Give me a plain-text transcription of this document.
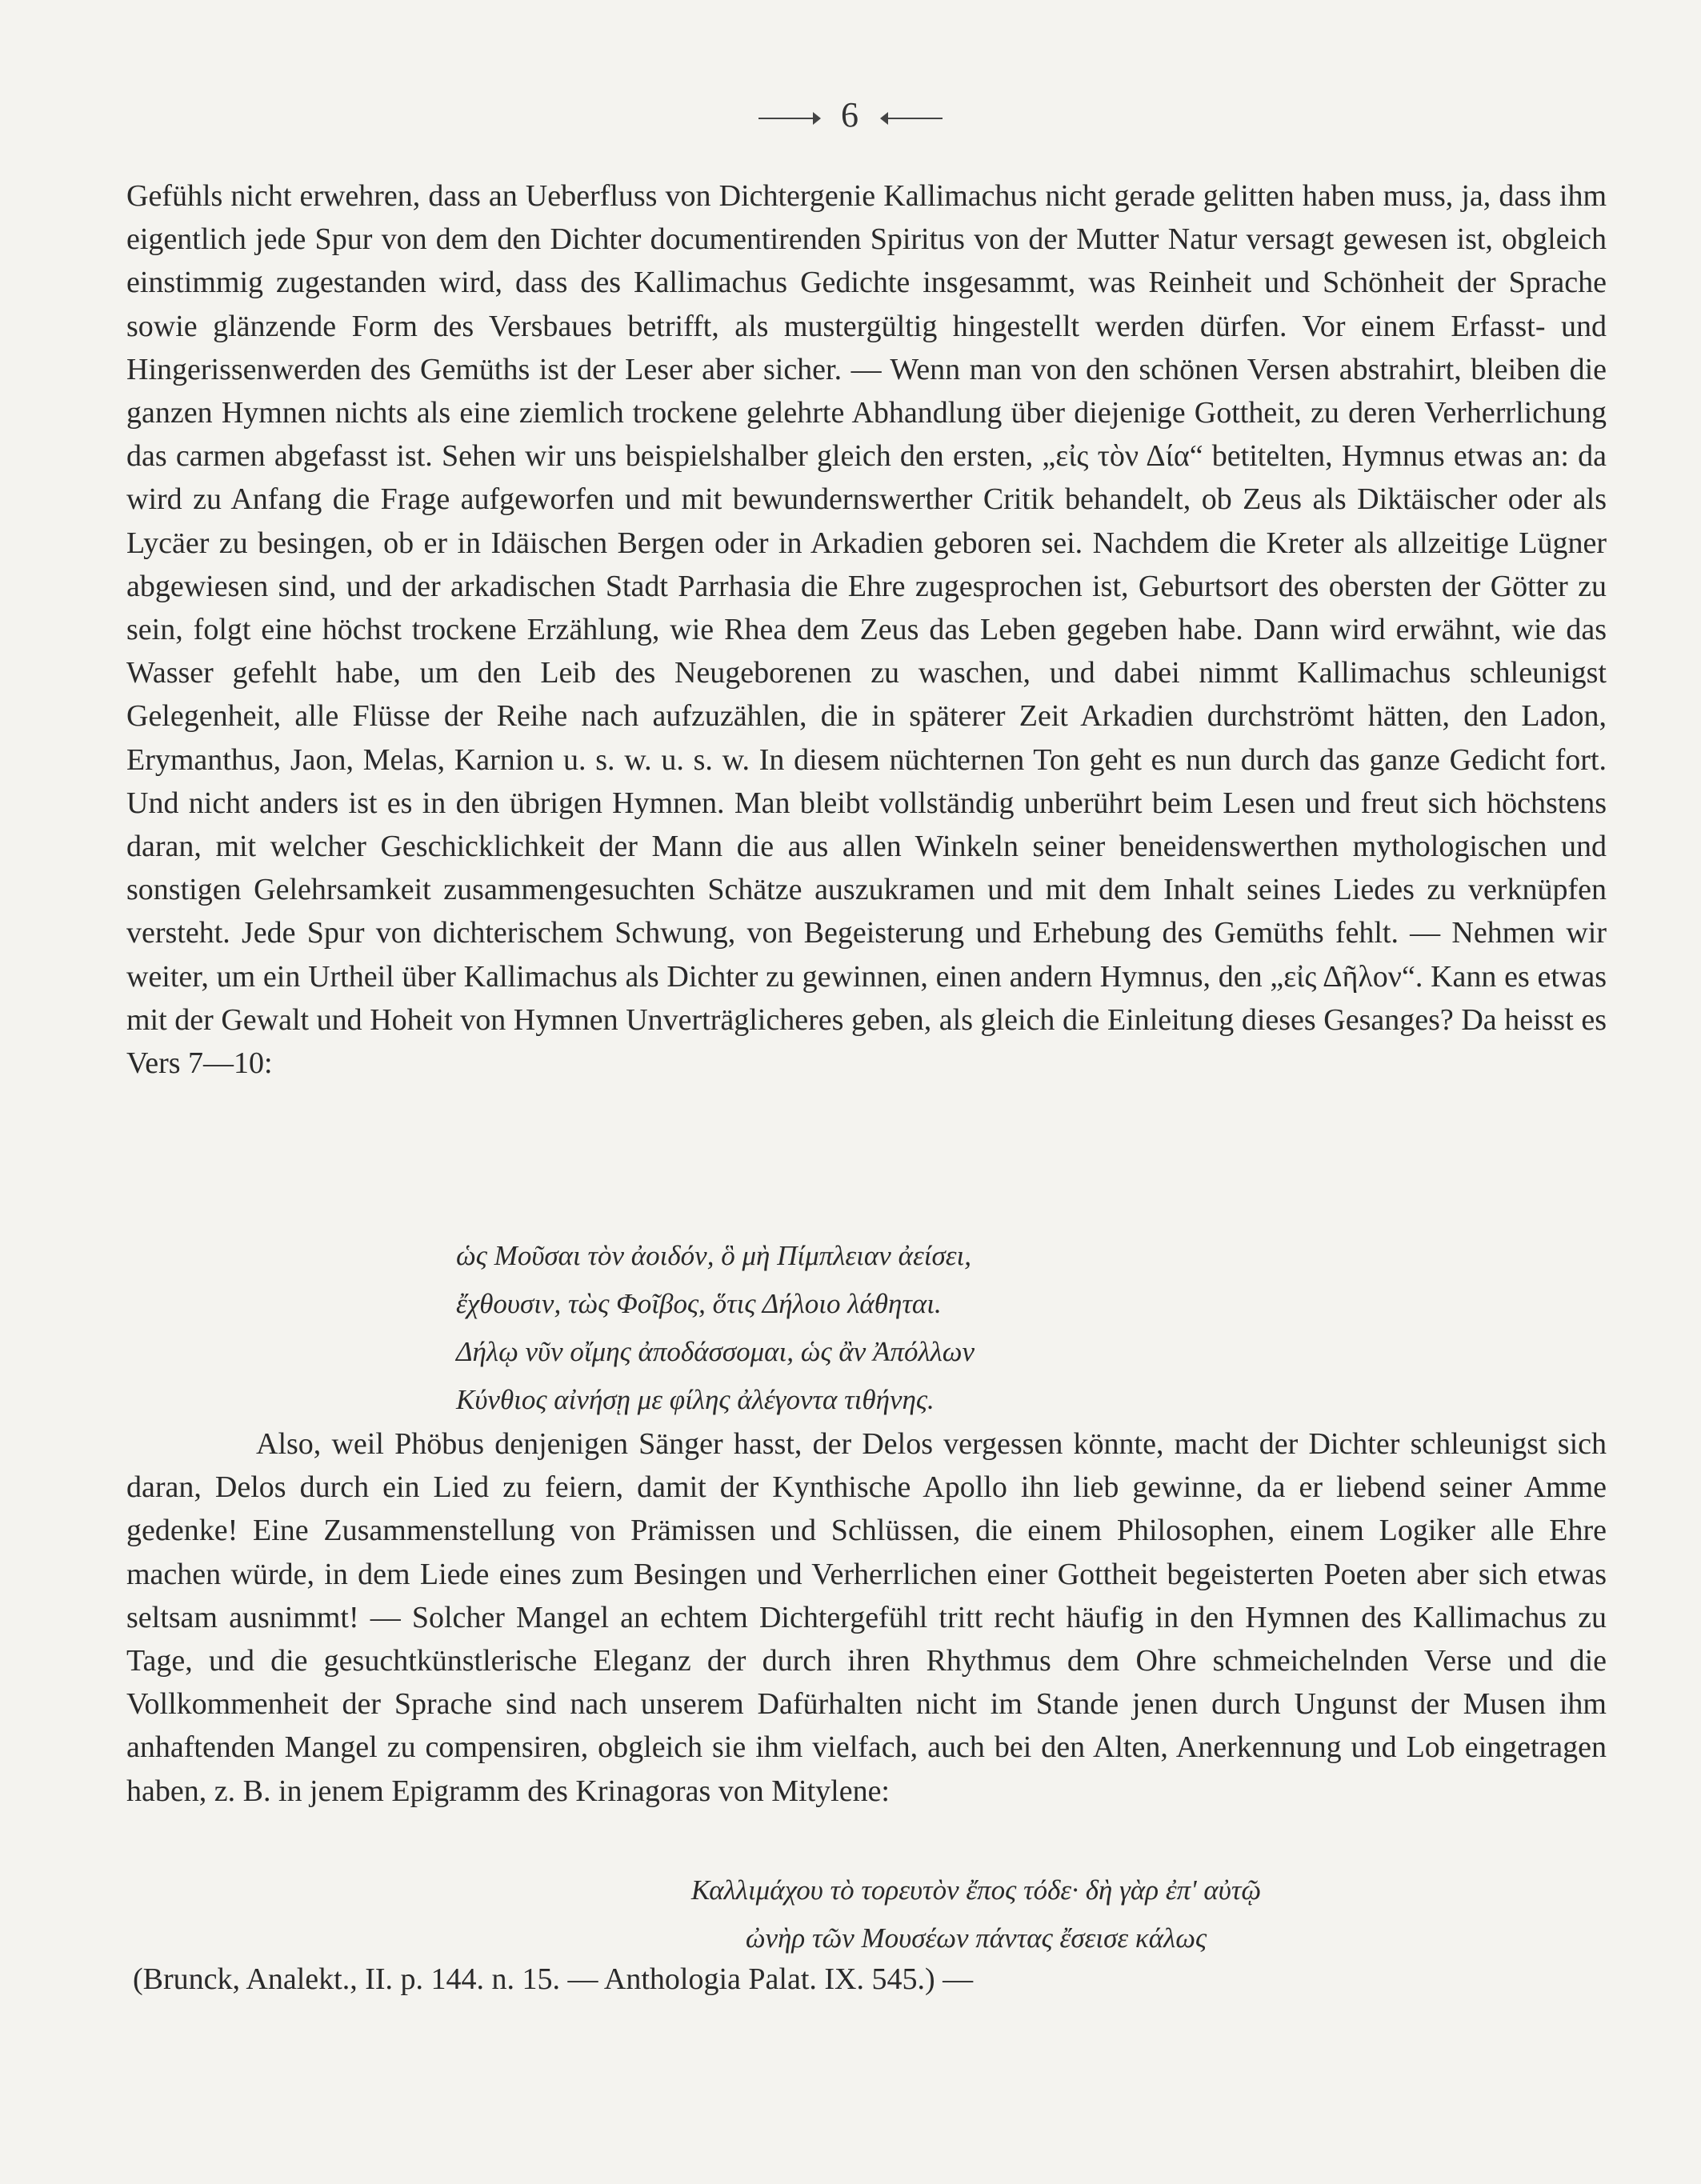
6
Gefühls nicht erwehren, dass an Ueberfluss von Dichtergenie Kallimachus nicht gerade gelitten haben muss, ja, dass ihm eigentlich jede Spur von dem den Dichter documentirenden Spiritus von der Mutter Natur versagt gewesen ist, obgleich einstimmig zugestanden wird, dass des Kallimachus Gedichte insgesammt, was Reinheit und Schönheit der Sprache sowie glänzende Form des Versbaues betrifft, als mustergültig hingestellt werden dürfen. Vor einem Erfasst- und Hingerissenwerden des Gemüths ist der Leser aber sicher. — Wenn man von den schönen Versen abstrahirt, bleiben die ganzen Hymnen nichts als eine ziemlich trockene gelehrte Abhandlung über diejenige Gottheit, zu deren Verherrlichung das carmen abgefasst ist. Sehen wir uns beispielshalber gleich den ersten, „εἰς τὸν Δία“ betitelten, Hymnus etwas an: da wird zu Anfang die Frage aufgeworfen und mit bewundernswerther Critik behandelt, ob Zeus als Diktäischer oder als Lycäer zu besingen, ob er in Idäischen Bergen oder in Arkadien geboren sei. Nachdem die Kreter als allzeitige Lügner abgewiesen sind, und der arkadischen Stadt Parrhasia die Ehre zugesprochen ist, Geburtsort des obersten der Götter zu sein, folgt eine höchst trockene Erzählung, wie Rhea dem Zeus das Leben gegeben habe. Dann wird erwähnt, wie das Wasser gefehlt habe, um den Leib des Neugeborenen zu waschen, und dabei nimmt Kallimachus schleunigst Gelegenheit, alle Flüsse der Reihe nach aufzuzählen, die in späterer Zeit Arkadien durchströmt hätten, den Ladon, Erymanthus, Jaon, Melas, Karnion u. s. w. u. s. w. In diesem nüchternen Ton geht es nun durch das ganze Gedicht fort. Und nicht anders ist es in den übrigen Hymnen. Man bleibt vollständig unberührt beim Lesen und freut sich höchstens daran, mit welcher Geschicklichkeit der Mann die aus allen Winkeln seiner beneidenswerthen mythologischen und sonstigen Gelehrsamkeit zusammengesuchten Schätze auszukramen und mit dem Inhalt seines Liedes zu verknüpfen versteht. Jede Spur von dichterischem Schwung, von Begeisterung und Erhebung des Gemüths fehlt. — Nehmen wir weiter, um ein Urtheil über Kallimachus als Dichter zu gewinnen, einen andern Hymnus, den „εἰς Δῆλον“. Kann es etwas mit der Gewalt und Hoheit von Hymnen Unverträglicheres geben, als gleich die Einleitung dieses Gesanges? Da heisst es Vers 7—10:
ὡς Μοῦσαι τὸν ἀοιδόν, ὃ μὴ Πίμπλειαν ἀείσει,
ἔχθουσιν, τὼς Φοῖβος, ὅτις Δήλοιο λάθηται.
Δήλῳ νῦν οἴμης ἀποδάσσομαι, ὡς ἂν Ἀπόλλων
Κύνθιος αἰνήσῃ με φίλης ἀλέγοντα τιθήνης.
Also, weil Phöbus denjenigen Sänger hasst, der Delos vergessen könnte, macht der Dichter schleunigst sich daran, Delos durch ein Lied zu feiern, damit der Kynthische Apollo ihn lieb gewinne, da er liebend seiner Amme gedenke! Eine Zusammenstellung von Prämissen und Schlüssen, die einem Philosophen, einem Logiker alle Ehre machen würde, in dem Liede eines zum Besingen und Verherrlichen einer Gottheit begeisterten Poeten aber sich etwas seltsam ausnimmt! — Solcher Mangel an echtem Dichtergefühl tritt recht häufig in den Hymnen des Kallimachus zu Tage, und die gesuchtkünstlerische Eleganz der durch ihren Rhythmus dem Ohre schmeichelnden Verse und die Vollkommenheit der Sprache sind nach unserem Dafürhalten nicht im Stande jenen durch Ungunst der Musen ihm anhaftenden Mangel zu compensiren, obgleich sie ihm vielfach, auch bei den Alten, Anerkennung und Lob eingetragen haben, z. B. in jenem Epigramm des Krinagoras von Mitylene:
Καλλιμάχου τὸ τορευτὸν ἔπος τόδε· δὴ γὰρ ἐπ' αὐτῷ
ὠνὴρ τῶν Μουσέων πάντας ἔσεισε κάλως
(Brunck, Analekt., II. p. 144. n. 15. — Anthologia Palat. IX. 545.) —
